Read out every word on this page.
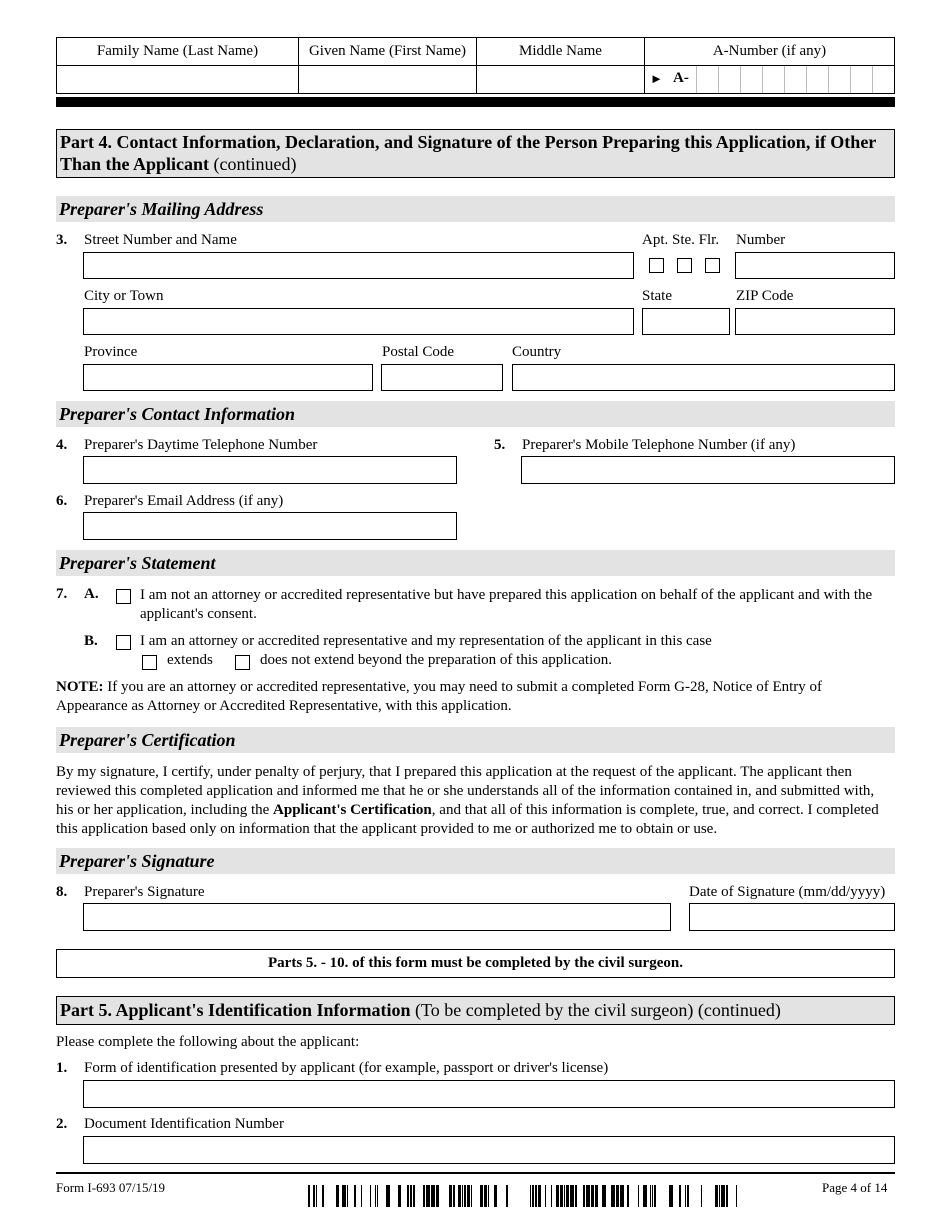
Family Name (Last Name)	Given Name (First Name)	Middle Name	A-Number (if any)

			► A-
Part 4. Contact Information, Declaration, and Signature of the Person Preparing this Application, if Other Than the Applicant (continued)
Preparer's Mailing Address
3. Street Number and Name	Apt. Ste. Flr. Number
City or Town	State	ZIP Code
Province	Postal Code	Country
Preparer's Contact Information
4. Preparer's Daytime Telephone Number	5. Preparer's Mobile Telephone Number (if any)
6. Preparer's Email Address (if any)
Preparer's Statement
7. A.	I am not an attorney or accredited representative but have prepared this application on behalf of the applicant and with the applicant's consent.
B.	I am an attorney or accredited representative and my representation of the applicant in this case
extends	does not extend beyond the preparation of this application.
NOTE: If you are an attorney or accredited representative, you may need to submit a completed Form G-28, Notice of Entry of Appearance as Attorney or Accredited Representative, with this application.
Preparer's Certification
By my signature, I certify, under penalty of perjury, that I prepared this application at the request of the applicant. The applicant then reviewed this completed application and informed me that he or she understands all of the information contained in, and submitted with, his or her application, including the Applicant's Certification, and that all of this information is complete, true, and correct. I completed this application based only on information that the applicant provided to me or authorized me to obtain or use.
Preparer's Signature
8. Preparer's Signature	Date of Signature (mm/dd/yyyy)
Parts 5. - 10. of this form must be completed by the civil surgeon.
Part 5. Applicant's Identification Information (To be completed by the civil surgeon) (continued)
Please complete the following about the applicant:
1. Form of identification presented by applicant (for example, passport or driver's license)
2. Document Identification Number
Form I-693 07/15/19	Page 4 of 14
